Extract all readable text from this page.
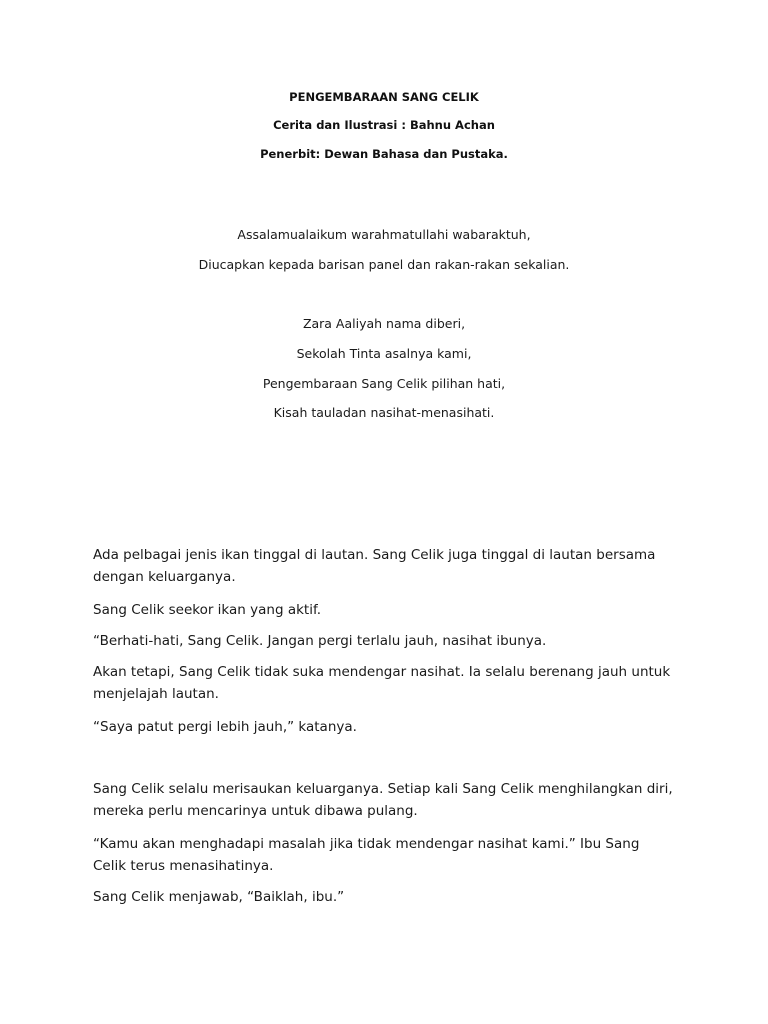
PENGEMBARAAN SANG CELIK
Cerita dan Ilustrasi : Bahnu Achan
Penerbit: Dewan Bahasa dan Pustaka.
Assalamualaikum warahmatullahi wabaraktuh,
Diucapkan kepada barisan panel dan rakan-rakan sekalian.
Zara Aaliyah nama diberi,
Sekolah Tinta asalnya kami,
Pengembaraan Sang Celik pilihan hati,
Kisah tauladan nasihat-menasihati.

Ada pelbagai jenis ikan tinggal di lautan. Sang Celik juga tinggal di lautan bersama dengan keluarganya.

Sang Celik seekor ikan yang aktif.

“Berhati-hati, Sang Celik. Jangan pergi terlalu jauh, nasihat ibunya.

Akan tetapi, Sang Celik tidak suka mendengar nasihat. Ia selalu berenang jauh untuk menjelajah lautan.

“Saya patut pergi lebih jauh,” katanya.

Sang Celik selalu merisaukan keluarganya. Setiap kali Sang Celik menghilangkan diri, mereka perlu mencarinya untuk dibawa pulang.

“Kamu akan menghadapi masalah jika tidak mendengar nasihat kami.” Ibu Sang Celik terus menasihatinya.

Sang Celik menjawab, “Baiklah, ibu.”
